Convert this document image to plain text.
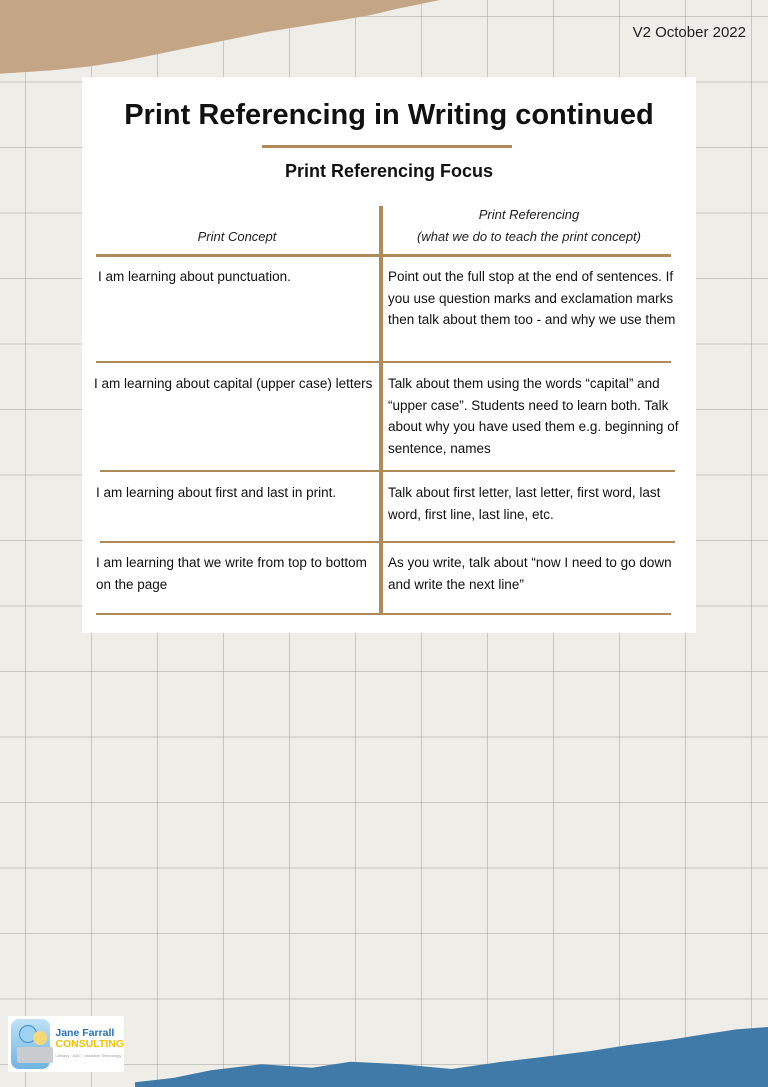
V2 October 2022
Print Referencing in Writing continued
Print Referencing Focus
Print Concept
Print Referencing
(what we do to teach the print concept)
I am learning about punctuation.	Point out the full stop at the end of sentences. If you use question marks and exclamation marks then talk about them too - and why we use them
I am learning about capital (upper case) letters Talk about them using the words “capital” and “upper case”. Students need to learn both. Talk about why you have used them e.g. beginning of sentence, names
I am learning about first and last in print.	Talk about first letter, last letter, first word, last word, first line, last line, etc.
I am learning that we write from top to bottom on the page
As you write, talk about “now I need to go down and write the next line”
Jane Farrall
CONSULTING
Literacy · AAC · Assistive Technology
